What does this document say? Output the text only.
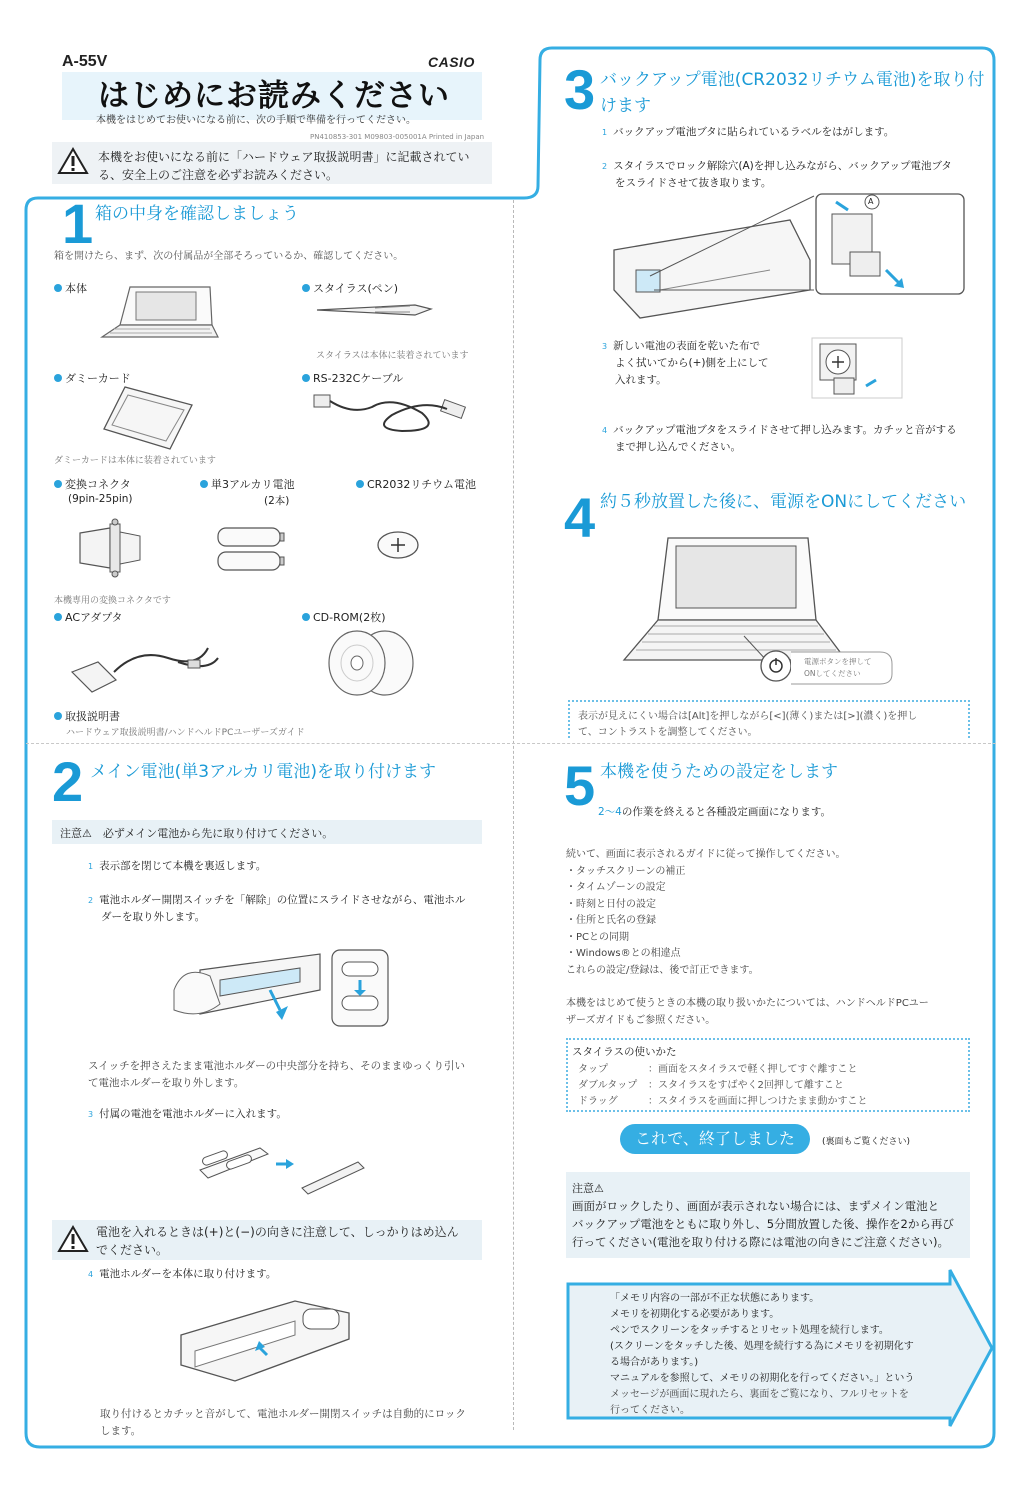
A-55V	CASIO
はじめにお読みください
本機をはじめてお使いになる前に、次の手順で準備を行ってください。
PN410853-301 M09803-005001A Printed in Japan
本機をお使いになる前に「ハードウェア取扱説明書」に記載されてい
る、安全上のご注意を必ずお読みください。
1 箱の中身を確認しましょう
箱を開けたら、まず、次の付属品が全部そろっているか、確認してください。
本体	スタイラス(ペン)
スタイラスは本体に装着されています
ダミーカード
ダミーカードは本体に装着されています
RS-232Cケーブル
変換コネクタ
(9pin-25pin)
単3アルカリ電池
(2本)
CR2032リチウム電池
本機専用の変換コネクタです
ACアダプタ	CD-ROM(2枚)
取扱説明書
ハードウェア取扱説明書/ハンドヘルドPCユーザーズガイド
2 メイン電池(単3アルカリ電池)を取り付けます
注意⚠　必ずメイン電池から先に取り付けてください。
1 表示部を閉じて本機を裏返します。
2 電池ホルダー開閉スイッチを「解除」の位置にスライドさせながら、電池ホル
ダーを取り外します。
スイッチを押さえたまま電池ホルダーの中央部分を持ち、そのままゆっくり引い
て電池ホルダーを取り外します。
3 付属の電池を電池ホルダーに入れます。
電池を入れるときは(+)と(−)の向きに注意して、しっかりはめ込ん
でください。
4 電池ホルダーを本体に取り付けます。
取り付けるとカチッと音がして、電池ホルダー開閉スイッチは自動的にロック
します。
3 バックアップ電池(CR2032リチウム電池)を取り付
けます
1 バックアップ電池ブタに貼られているラベルをはがします。
2 スタイラスでロック解除穴(A)を押し込みながら、バックアップ電池ブタ
をスライドさせて抜き取ります。
A
3 新しい電池の表面を乾いた布で
よく拭いてから(+)側を上にして
入れます。
4 バックアップ電池ブタをスライドさせて押し込みます。カチッと音がする
まで押し込んでください。
4 約５秒放置した後に、電源をONにしてください
電源ボタンを押して
ONしてください
表示が見えにくい場合は[Alt]を押しながら[<](薄く)または[>](濃く)を押し
て、コントラストを調整してください。
5 本機を使うための設定をします
2〜4の作業を終えると各種設定画面になります。
続いて、画面に表示されるガイドに従って操作してください。
・タッチスクリーンの補正
・タイムゾーンの設定
・時刻と日付の設定
・住所と氏名の登録
・PCとの同期
・Windows®との相違点
これらの設定/登録は、後で訂正できます。
本機をはじめて使うときの本機の取り扱いかたについては、ハンドヘルドPCユー
ザーズガイドもご参照ください。
スタイラスの使いかた
タップ	：画面をスタイラスで軽く押してすぐ離すこと
ダブルタップ ：スタイラスをすばやく2回押して離すこと
ドラッグ	：スタイラスを画面に押しつけたまま動かすこと
これで、終了しました	(裏面もご覧ください)
注意⚠
画面がロックしたり、画面が表示されない場合には、まずメイン電池と
バックアップ電池をともに取り外し、5分間放置した後、操作を2から再び
行ってください(電池を取り付ける際には電池の向きにご注意ください)。
「メモリ内容の一部が不正な状態にあります。
メモリを初期化する必要があります。
ペンでスクリーンをタッチするとリセット処理を続行します。
(スクリーンをタッチした後、処理を続行する為にメモリを初期化す
る場合があります。)
マニュアルを参照して、メモリの初期化を行ってください。」という
メッセージが画面に現れたら、裏面をご覧になり、フルリセットを
行ってください。
